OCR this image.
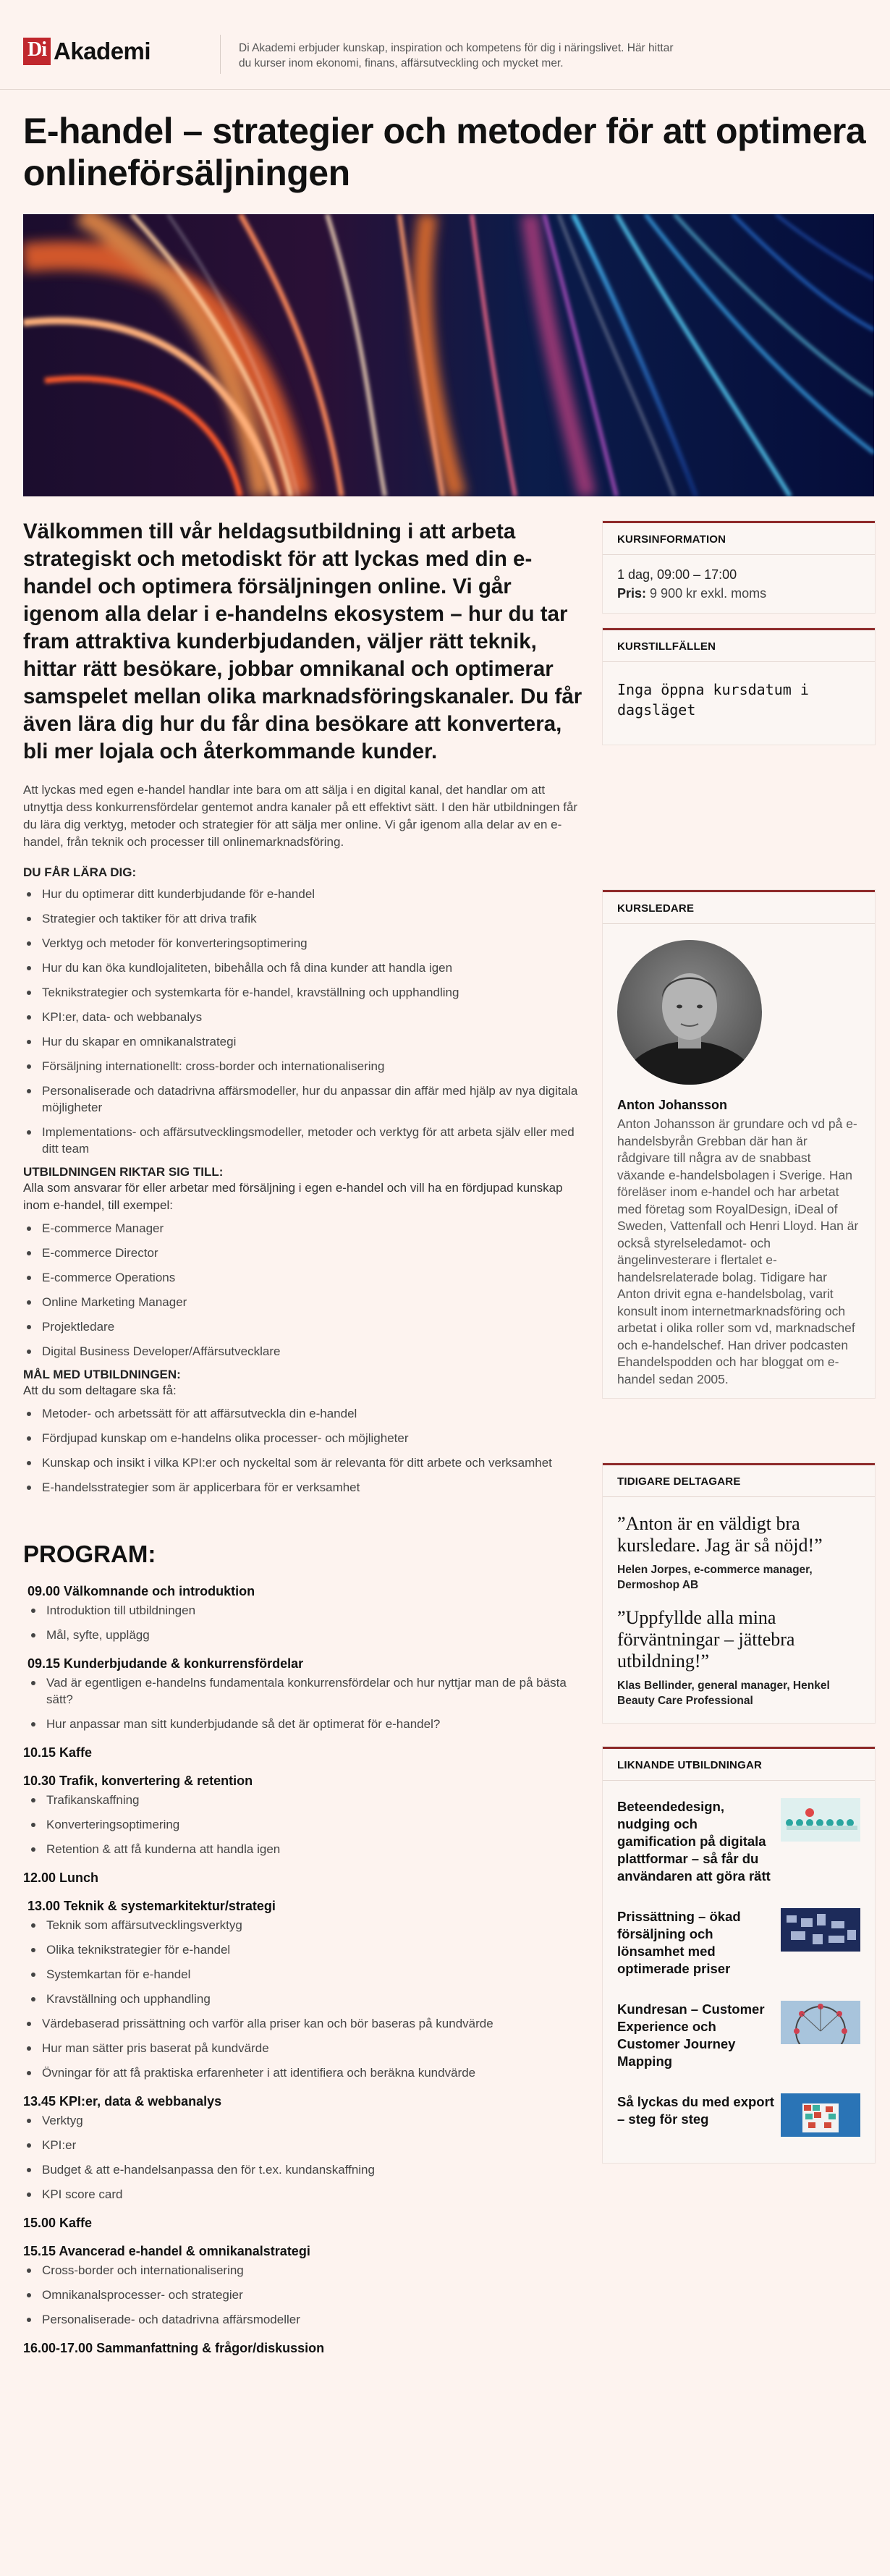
Di Akademi	Di Akademi erbjuder kunskap, inspiration och kompetens för dig i näringslivet. Här hittar du kurser inom ekonomi, finans, affärsutveckling och mycket mer.
E-handel – strategier och metoder för att optimera onlineförsäljningen

Välkommen till vår heldagsutbildning i att arbeta strategiskt och metodiskt för att lyckas med din e-handel och optimera försäljningen online. Vi går igenom alla delar i e-handelns ekosystem – hur du tar fram attraktiva kunderbjudanden, väljer rätt teknik, hittar rätt besökare, jobbar omnikanal och optimerar samspelet mellan olika marknadsföringskanaler. Du får även lära dig hur du får dina besökare att konvertera, bli mer lojala och återkommande kunder.

Att lyckas med egen e-handel handlar inte bara om att sälja i en digital kanal, det handlar om att utnyttja dess konkurrensfördelar gentemot andra kanaler på ett effektivt sätt. I den här utbildningen får du lära dig verktyg, metoder och strategier för att sälja mer online. Vi går igenom alla delar av en e-handel, från teknik och processer till onlinemarknadsföring.

DU FÅR LÄRA DIG:
Hur du optimerar ditt kunderbjudande för e-handel
Strategier och taktiker för att driva trafik
Verktyg och metoder för konverteringsoptimering
Hur du kan öka kundlojaliteten, bibehålla och få dina kunder att handla igen
Teknikstrategier och systemkarta för e-handel, kravställning och upphandling
KPI:er, data- och webbanalys
Hur du skapar en omnikanalstrategi
Försäljning internationellt: cross-border och internationalisering
Personaliserade och datadrivna affärsmodeller, hur du anpassar din affär med hjälp av nya digitala möjligheter
Implementations- och affärsutvecklingsmodeller, metoder och verktyg för att arbeta själv eller med ditt team
UTBILDNINGEN RIKTAR SIG TILL:

Alla som ansvarar för eller arbetar med försäljning i egen e-handel och vill ha en fördjupad kunskap inom e-handel, till exempel:

E-commerce Manager
E-commerce Director
E-commerce Operations
Online Marketing Manager
Projektledare
Digital Business Developer/Affärsutvecklare
MÅL MED UTBILDNINGEN:

Att du som deltagare ska få:

Metoder- och arbetssätt för att affärsutveckla din e-handel
Fördjupad kunskap om e-handelns olika processer- och möjligheter
Kunskap och insikt i vilka KPI:er och nyckeltal som är relevanta för ditt arbete och verksamhet
E-handelsstrategier som är applicerbara för er verksamhet
PROGRAM:
09.00 Välkomnande och introduktion
Introduktion till utbildningen
Mål, syfte, upplägg
09.15 Kunderbjudande & konkurrensfördelar
Vad är egentligen e-handelns fundamentala konkurrensfördelar och hur nyttjar man de på bästa sätt?
Hur anpassar man sitt kunderbjudande så det är optimerat för e-handel?
10.15 Kaffe
10.30 Trafik, konvertering & retention
Trafikanskaffning
Konverteringsoptimering
Retention & att få kunderna att handla igen
12.00 Lunch
13.00 Teknik & systemarkitektur/strategi
Teknik som affärsutvecklingsverktyg
Olika teknikstrategier för e-handel
Systemkartan för e-handel
Kravställning och upphandling
Värdebaserad prissättning och varför alla priser kan och bör baseras på kundvärde
Hur man sätter pris baserat på kundvärde
Övningar för att få praktiska erfarenheter i att identifiera och beräkna kundvärde
13.45 KPI:er, data & webbanalys
Verktyg
KPI:er
Budget & att e-handelsanpassa den för t.ex. kundanskaffning
KPI score card
15.00 Kaffe
15.15 Avancerad e-handel & omnikanalstrategi
Cross-border och internationalisering
Omnikanalsprocesser- och strategier
Personaliserade- och datadrivna affärsmodeller
16.00-17.00 Sammanfattning & frågor/diskussion
KURSINFORMATION
1 dag, 09:00 – 17:00
Pris: 9 900 kr exkl. moms
KURSTILLFÄLLEN
Inga öppna kursdatum i dagsläget
KURSLEDARE
Anton Johansson
Anton Johansson är grundare och vd på e-handelsbyrån Grebban där han är rådgivare till några av de snabbast växande e-handelsbolagen i Sverige. Han föreläser inom e-handel och har arbetat med företag som RoyalDesign, iDeal of Sweden, Vattenfall och Henri Lloyd. Han är också styrelseledamot- och ängelinvesterare i flertalet e-handelsrelaterade bolag. Tidigare har Anton drivit egna e-handelsbolag, varit konsult inom internetmarknadsföring och arbetat i olika roller som vd, marknadschef och e-handelschef. Han driver podcasten Ehandelspodden och har bloggat om e-handel sedan 2005.
TIDIGARE DELTAGARE
”Anton är en väldigt bra kursledare. Jag är så nöjd!”
Helen Jorpes, e-commerce manager, Dermoshop AB
”Uppfyllde alla mina förväntningar – jättebra utbildning!”
Klas Bellinder, general manager, Henkel Beauty Care Professional
LIKNANDE UTBILDNINGAR
Beteendedesign, nudging och gamification på digitala plattformar – så får du användaren att göra rätt
Prissättning – ökad försäljning och lönsamhet med optimerade priser
Kundresan – Customer Experience och Customer Journey Mapping
Så lyckas du med export – steg för steg
